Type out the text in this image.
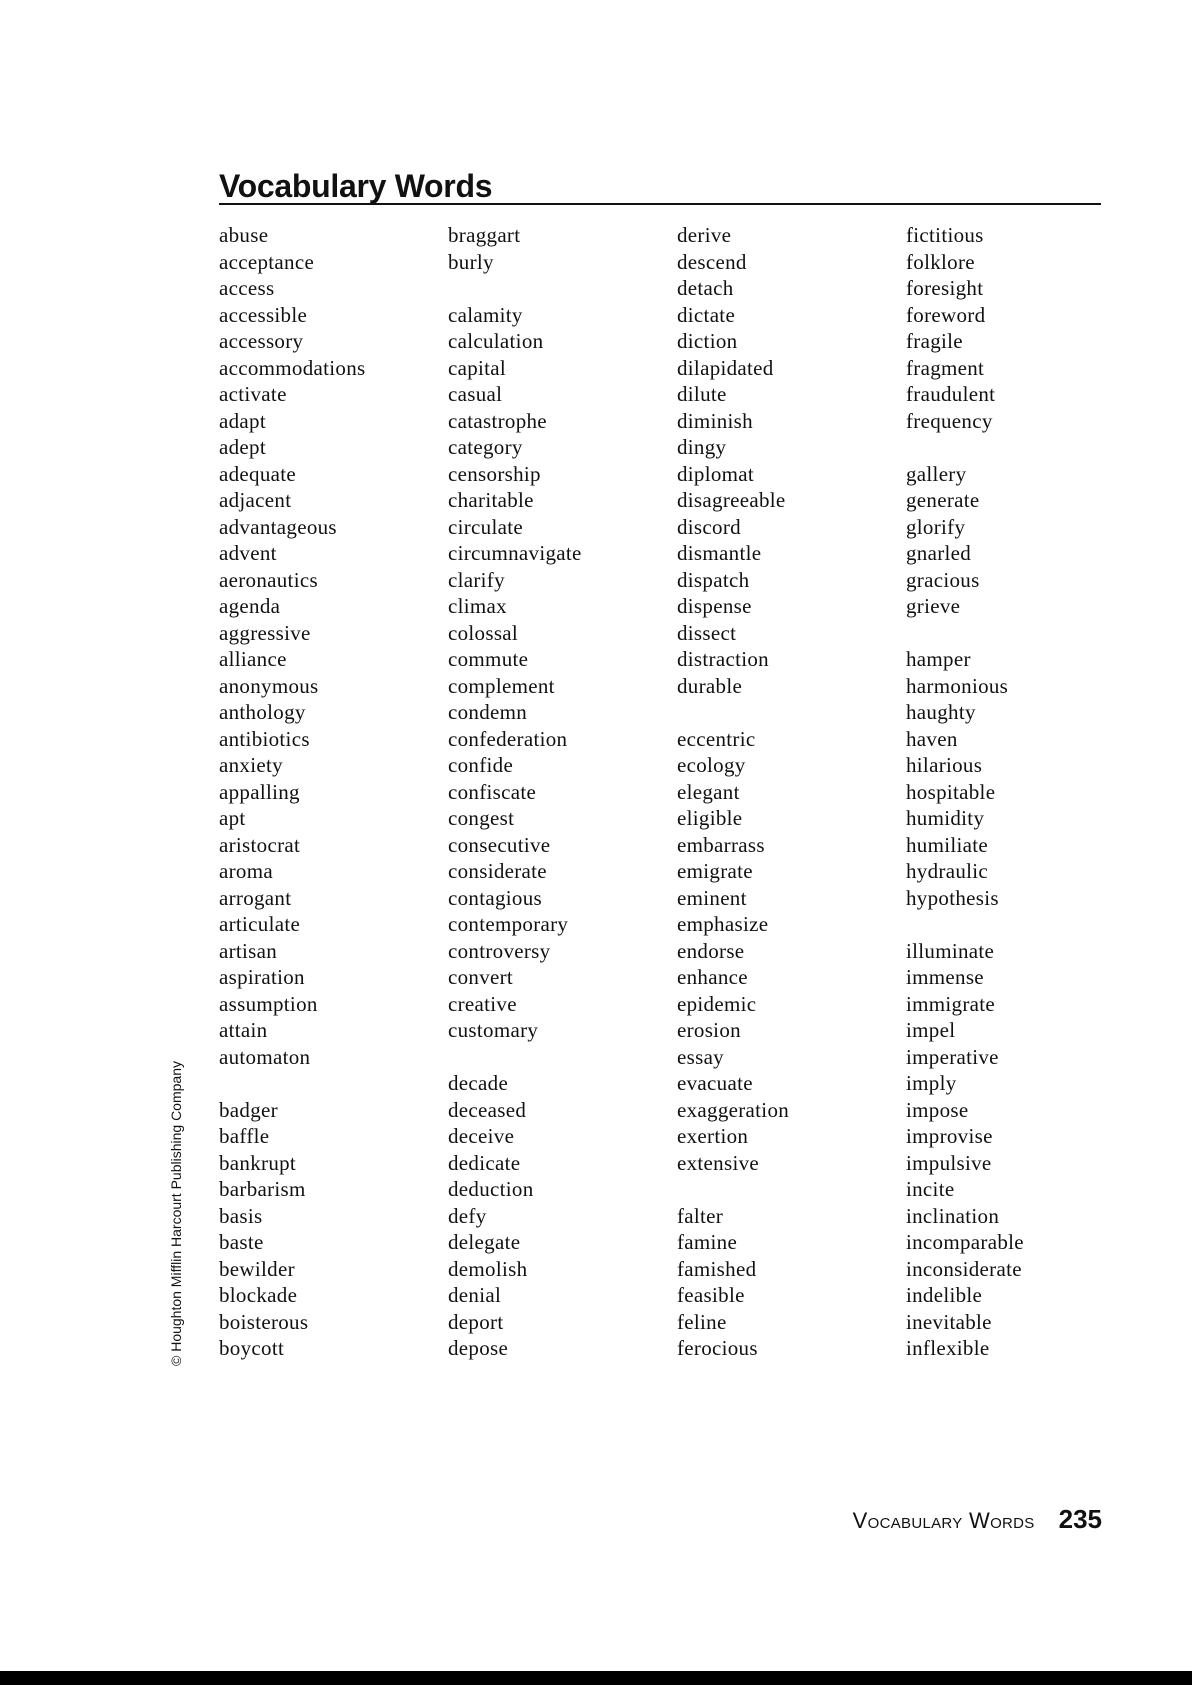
Vocabulary Words
abuse
acceptance
access
accessible
accessory
accommodations
activate
adapt
adept
adequate
adjacent
advantageous
advent
aeronautics
agenda
aggressive
alliance
anonymous
anthology
antibiotics
anxiety
appalling
apt
aristocrat
aroma
arrogant
articulate
artisan
aspiration
assumption
attain
automaton
badger
baffle
bankrupt
barbarism
basis
baste
bewilder
blockade
boisterous
boycott
braggart
burly
calamity
calculation
capital
casual
catastrophe
category
censorship
charitable
circulate
circumnavigate
clarify
climax
colossal
commute
complement
condemn
confederation
confide
confiscate
congest
consecutive
considerate
contagious
contemporary
controversy
convert
creative
customary
decade
deceased
deceive
dedicate
deduction
defy
delegate
demolish
denial
deport
depose
derive
descend
detach
dictate
diction
dilapidated
dilute
diminish
dingy
diplomat
disagreeable
discord
dismantle
dispatch
dispense
dissect
distraction
durable
eccentric
ecology
elegant
eligible
embarrass
emigrate
eminent
emphasize
endorse
enhance
epidemic
erosion
essay
evacuate
exaggeration
exertion
extensive
falter
famine
famished
feasible
feline
ferocious
fictitious
folklore
foresight
foreword
fragile
fragment
fraudulent
frequency
gallery
generate
glorify
gnarled
gracious
grieve
hamper
harmonious
haughty
haven
hilarious
hospitable
humidity
humiliate
hydraulic
hypothesis
illuminate
immense
immigrate
impel
imperative
imply
impose
improvise
impulsive
incite
inclination
incomparable
inconsiderate
indelible
inevitable
inflexible
© Houghton Mifflin Harcourt Publishing Company
Vocabulary Words 235
